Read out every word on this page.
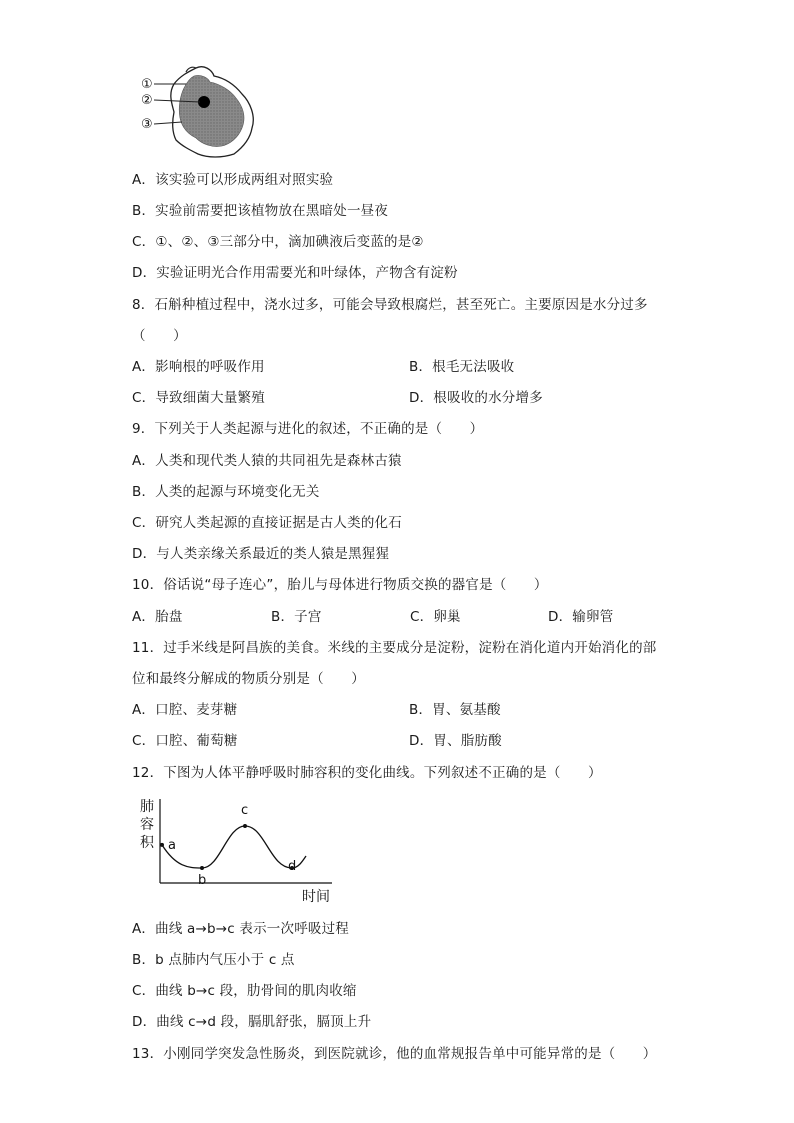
①
②
③
A．该实验可以形成两组对照实验
B．实验前需要把该植物放在黑暗处一昼夜
C．①、②、③三部分中，滴加碘液后变蓝的是②
D．实验证明光合作用需要光和叶绿体，产物含有淀粉
8．石斛种植过程中，浇水过多，可能会导致根腐烂，甚至死亡。主要原因是水分过多
（　　）
A．影响根的呼吸作用	B．根毛无法吸收
C．导致细菌大量繁殖	D．根吸收的水分增多
9．下列关于人类起源与进化的叙述，不正确的是（　　）
A．人类和现代类人猿的共同祖先是森林古猿
B．人类的起源与环境变化无关
C．研究人类起源的直接证据是古人类的化石
D．与人类亲缘关系最近的类人猿是黑猩猩
10．俗话说“母子连心”，胎儿与母体进行物质交换的器官是（　　）
A．胎盘	B．子宫	C．卵巢	D．输卵管
11．过手米线是阿昌族的美食。米线的主要成分是淀粉，淀粉在消化道内开始消化的部
位和最终分解成的物质分别是（　　）
A．口腔、麦芽糖	B．胃、氨基酸
C．口腔、葡萄糖	D．胃、脂肪酸
12．下图为人体平静呼吸时肺容积的变化曲线。下列叙述不正确的是（　　）
肺
容
积
时间
a
b
c
d
A．曲线 a→b→c 表示一次呼吸过程
B．b 点肺内气压小于 c 点
C．曲线 b→c 段，肋骨间的肌肉收缩
D．曲线 c→d 段，膈肌舒张，膈顶上升
13．小刚同学突发急性肠炎，到医院就诊，他的血常规报告单中可能异常的是（　　）
